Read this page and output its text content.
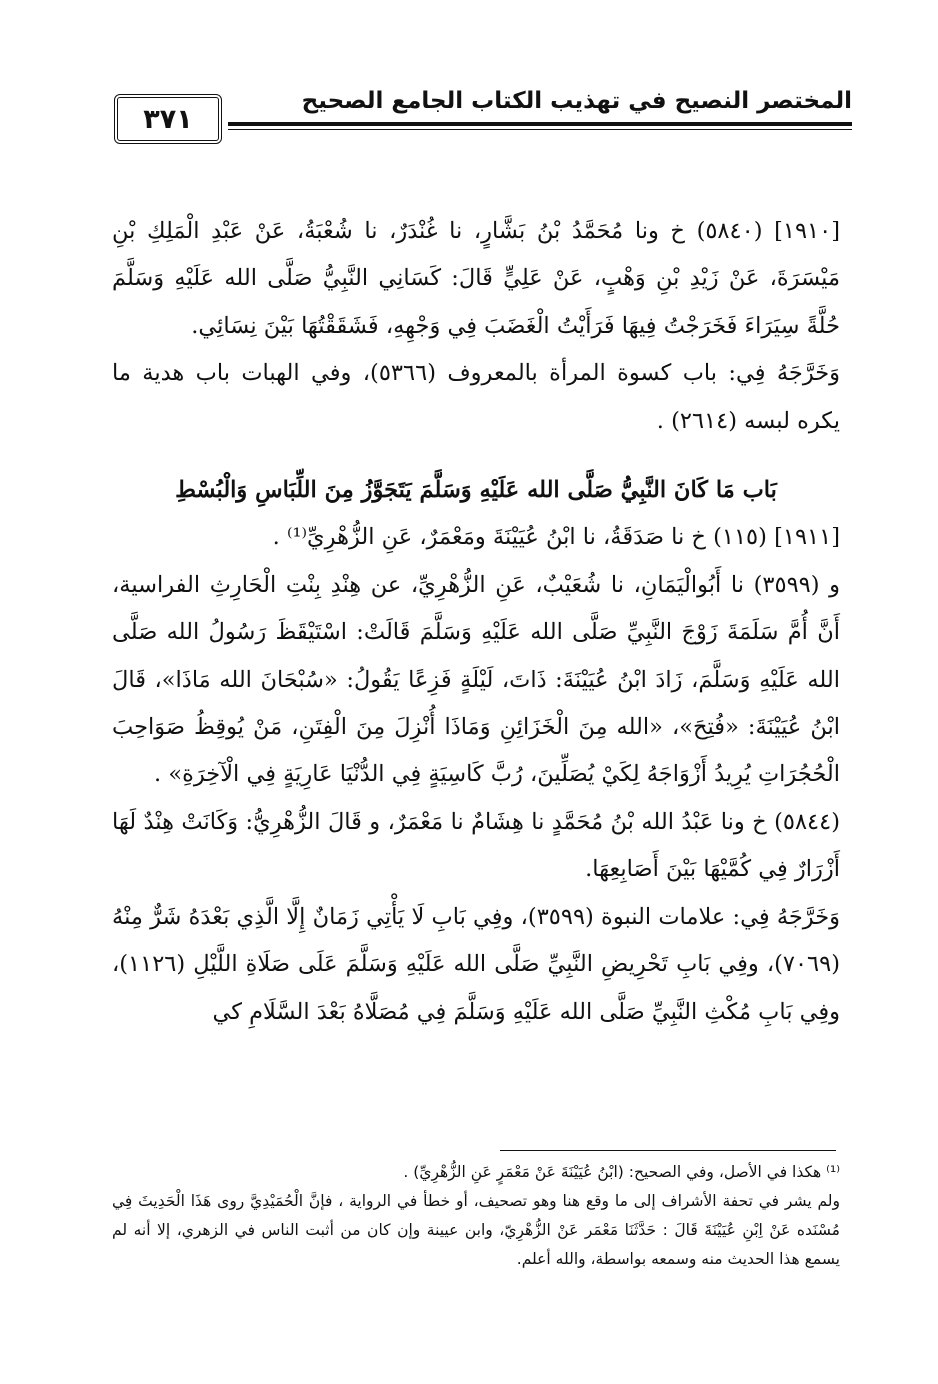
المختصر النصيح في تهذيب الكتاب الجامع الصحيح
٣٧١

[١٩١٠] (٥٨٤٠) خ ونا مُحَمَّدُ بْنُ بَشَّارٍ، نا غُنْدَرٌ، نا شُعْبَةُ، عَنْ عَبْدِ الْمَلِكِ بْنِ مَيْسَرَةَ، عَنْ زَيْدِ بْنِ وَهْبٍ، عَنْ عَلِيٍّ قَالَ: كَسَانِي النَّبِيُّ صَلَّى الله عَلَيْهِ وَسَلَّمَ حُلَّةً سِيَرَاءَ فَخَرَجْتُ فِيهَا فَرَأَيْتُ الْغَضَبَ فِي وَجْهِهِ، فَشَقَقْتُهَا بَيْنَ نِسَائِي.

وَخَرَّجَهُ فِي: باب كسوة المرأة بالمعروف (٥٣٦٦)، وفي الهبات باب هدية ما يكره لبسه (٢٦١٤) .

بَاب مَا كَانَ النَّبِيُّ صَلَّى الله عَلَيْهِ وَسَلَّمَ يَتَجَوَّزُ مِنَ اللِّبَاسِ وَالْبُسْطِ

[١٩١١] (١١٥) خ نا صَدَقَةُ، نا ابْنُ عُيَيْنَةَ ومَعْمَرٌ، عَنِ الزُّهْرِيِّ⁽¹⁾ .

و (٣٥٩٩) نا أَبُوالْيَمَانِ، نا شُعَيْبٌ، عَنِ الزُّهْرِيِّ، عن هِنْدِ بِنْتِ الْحَارِثِ الفراسية، أَنَّ أُمَّ سَلَمَةَ زَوْجَ النَّبِيِّ صَلَّى الله عَلَيْهِ وَسَلَّمَ قَالَتْ: اسْتَيْقَظَ رَسُولُ الله صَلَّى الله عَلَيْهِ وَسَلَّمَ، زَادَ ابْنُ عُيَيْنَةَ: ذَاتَ، لَيْلَةٍ فَزِعًا يَقُولُ: «سُبْحَانَ الله مَاذَا»، قَالَ ابْنُ عُيَيْنَةَ: «فُتِحَ»، «الله مِنَ الْخَزَائِنِ وَمَاذَا أُنْزِلَ مِنَ الْفِتَنِ، مَنْ يُوقِظُ صَوَاحِبَ الْحُجُرَاتِ يُرِيدُ أَزْوَاجَهُ لِكَيْ يُصَلِّينَ، رُبَّ كَاسِيَةٍ فِي الدُّنْيَا عَارِيَةٍ فِي الْآخِرَةِ» .

(٥٨٤٤) خ ونا عَبْدُ الله بْنُ مُحَمَّدٍ نا هِشَامٌ نا مَعْمَرٌ، و قَالَ الزُّهْرِيُّ: وَكَانَتْ هِنْدٌ لَهَا أَزْرَارٌ فِي كُمَّيْهَا بَيْنَ أَصَابِعِهَا.

وَخَرَّجَهُ فِي: علامات النبوة (٣٥٩٩)، وفِي بَابِ لَا يَأْتِي زَمَانٌ إِلَّا الَّذِي بَعْدَهُ شَرٌّ مِنْهُ (٧٠٦٩)، وفِي بَابِ تَحْرِيضِ النَّبِيِّ صَلَّى الله عَلَيْهِ وَسَلَّمَ عَلَى صَلَاةِ اللَّيْلِ (١١٢٦)، وفِي بَابِ مُكْثِ النَّبِيِّ صَلَّى الله عَلَيْهِ وَسَلَّمَ فِي مُصَلَّاهُ بَعْدَ السَّلَامِ كي

⁽¹⁾ هكذا في الأصل، وفي الصحيح: (ابْنُ عُيَيْنَةَ عَنْ مَعْمَرٍ عَنِ الزُّهْرِيِّ) .

ولم يشر في تحفة الأشراف إلى ما وقع هنا وهو تصحيف، أو خطأ في الرواية ، فإنَّ الْحُمَيْدِيَّ روى هَذَا الْحَدِيثَ فِي مُسْنَده عَنْ اِبْنِ عُيَيْنَةَ قَالَ : حَدَّثَنَا مَعْمَر عَنْ الزُّهْرِيّ، وابن عيينة وإن كان من أثبت الناس في الزهري، إلا أنه لم يسمع هذا الحديث منه وسمعه بواسطة، والله أعلم.
